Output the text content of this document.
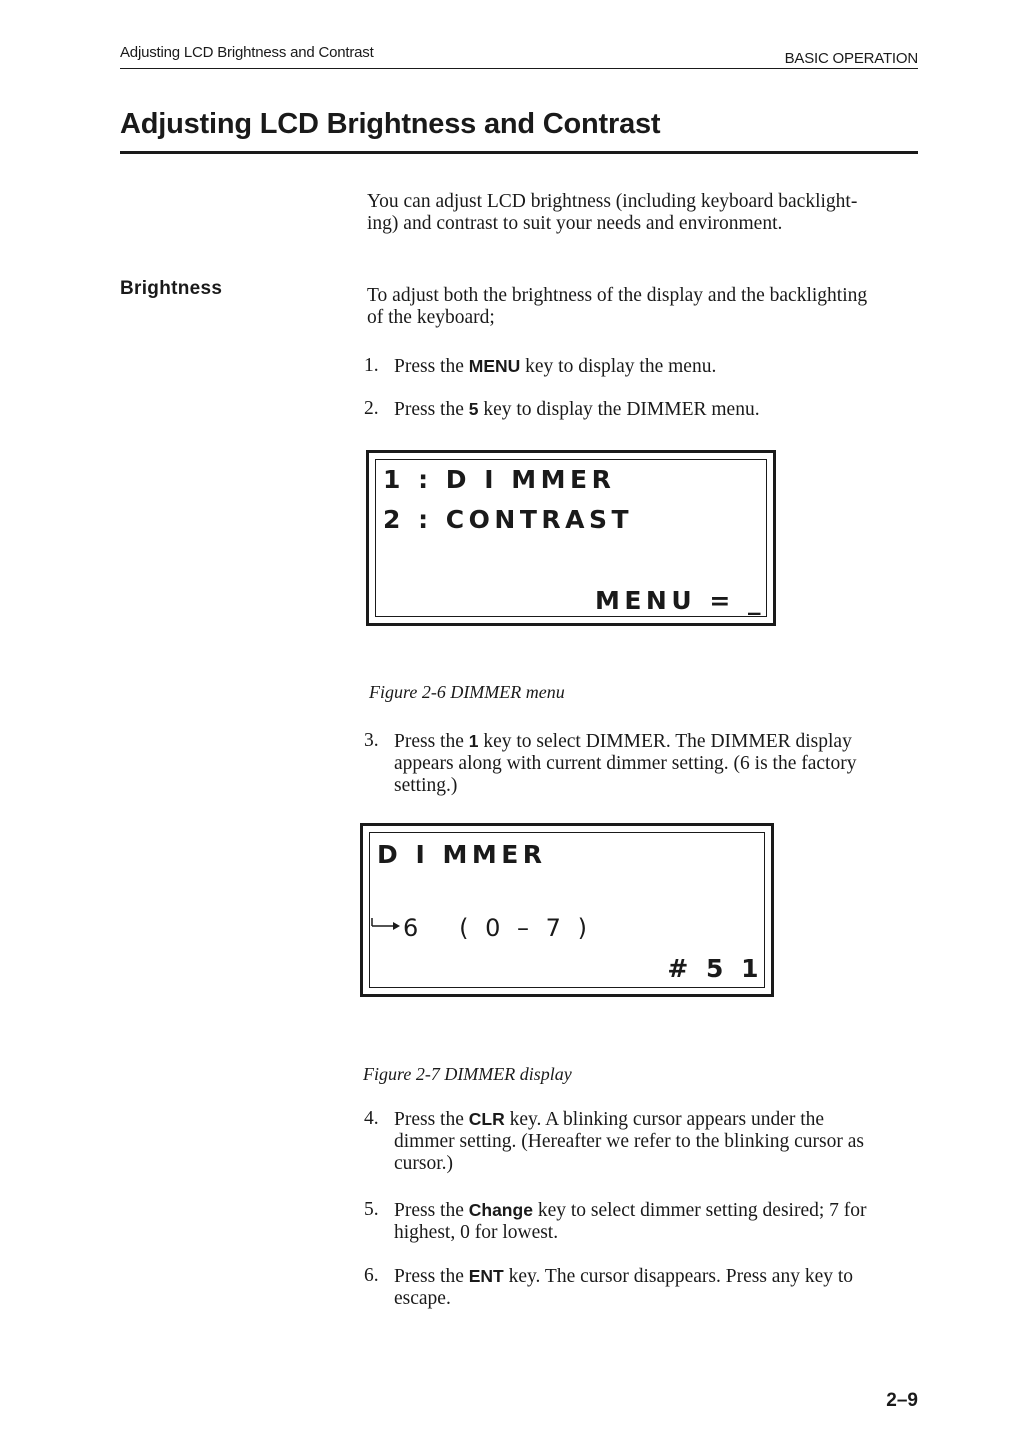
Adjusting LCD Brightness and Contrast	BASIC OPERATION
Adjusting LCD Brightness and Contrast
You can adjust LCD brightness (including keyboard backlight-
ing) and contrast to suit your needs and environment.
Brightness	To adjust both the brightness of the display and the backlighting
of the keyboard;
1. Press the MENU key to display the menu.
2. Press the 5 key to display the DIMMER menu.
1 : D I MMER
2 : CONTRAST
MENU = _

Figure 2-6 DIMMER menu

3. Press the 1 key to select DIMMER. The DIMMER display
appears along with current dimmer setting. (6 is the factory
setting.)
D I MMER
6   ( 0 – 7 )
# 5 1

Figure 2-7 DIMMER display

4. Press the CLR key. A blinking cursor appears under the
dimmer setting. (Hereafter we refer to the blinking cursor as
cursor.)
5. Press the Change key to select dimmer setting desired; 7 for
highest, 0 for lowest.
6. Press the ENT key. The cursor disappears. Press any key to
escape.
2–9
